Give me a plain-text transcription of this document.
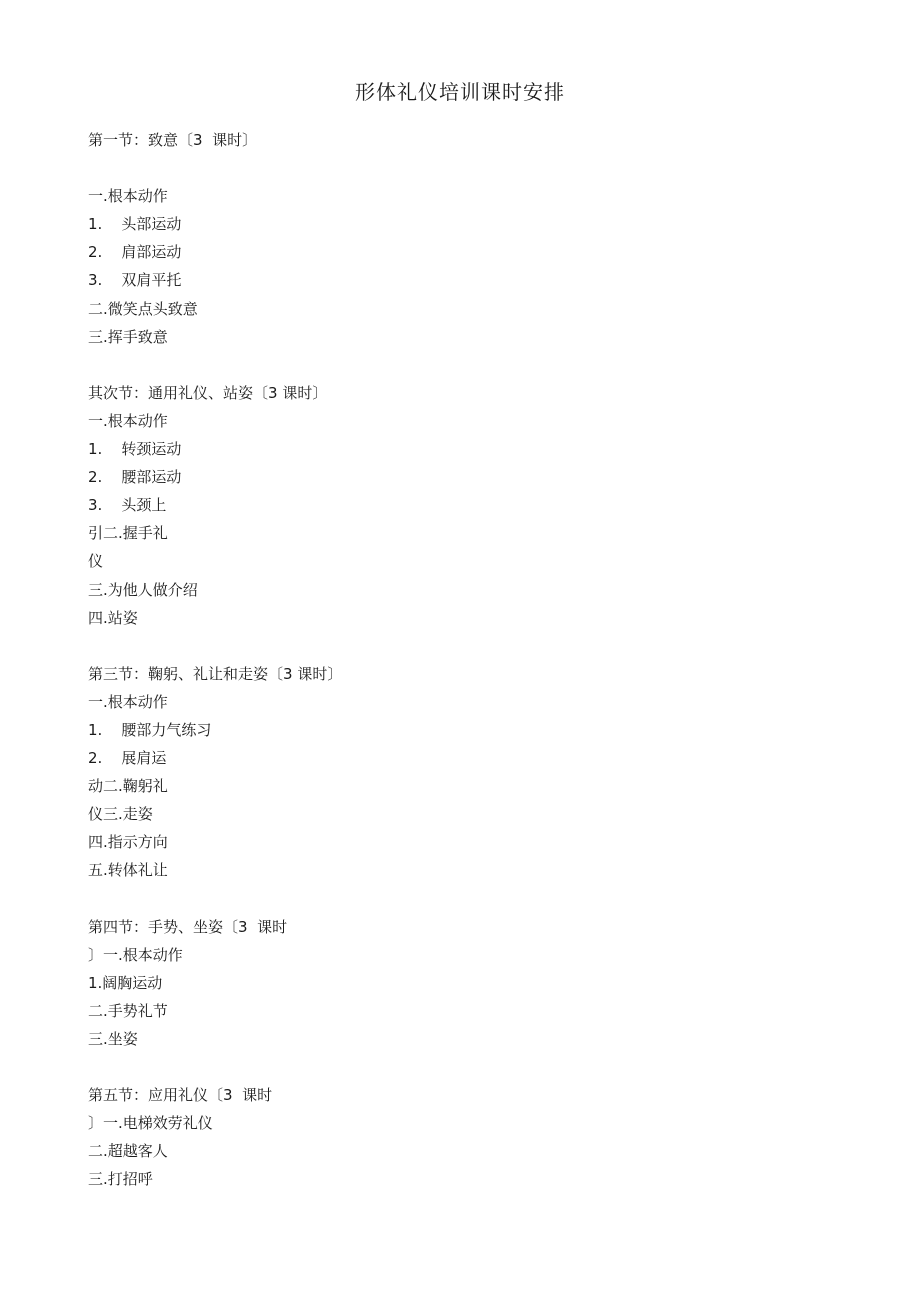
形体礼仪培训课时安排
第一节：致意〔3  课时〕
一.根本动作
1.    头部运动
2.    肩部运动
3.    双肩平托
二.微笑点头致意
三.挥手致意
其次节：通用礼仪、站姿〔3 课时〕
一.根本动作
1.    转颈运动
2.    腰部运动
3.    头颈上
引二.握手礼
仪
三.为他人做介绍
四.站姿
第三节：鞠躬、礼让和走姿〔3 课时〕
一.根本动作
1.    腰部力气练习
2.    展肩运
动二.鞠躬礼
仪三.走姿
四.指示方向
五.转体礼让
第四节：手势、坐姿〔3  课时
〕一.根本动作
1.阔胸运动
二.手势礼节
三.坐姿
第五节：应用礼仪〔3  课时
〕一.电梯效劳礼仪
二.超越客人
三.打招呼
